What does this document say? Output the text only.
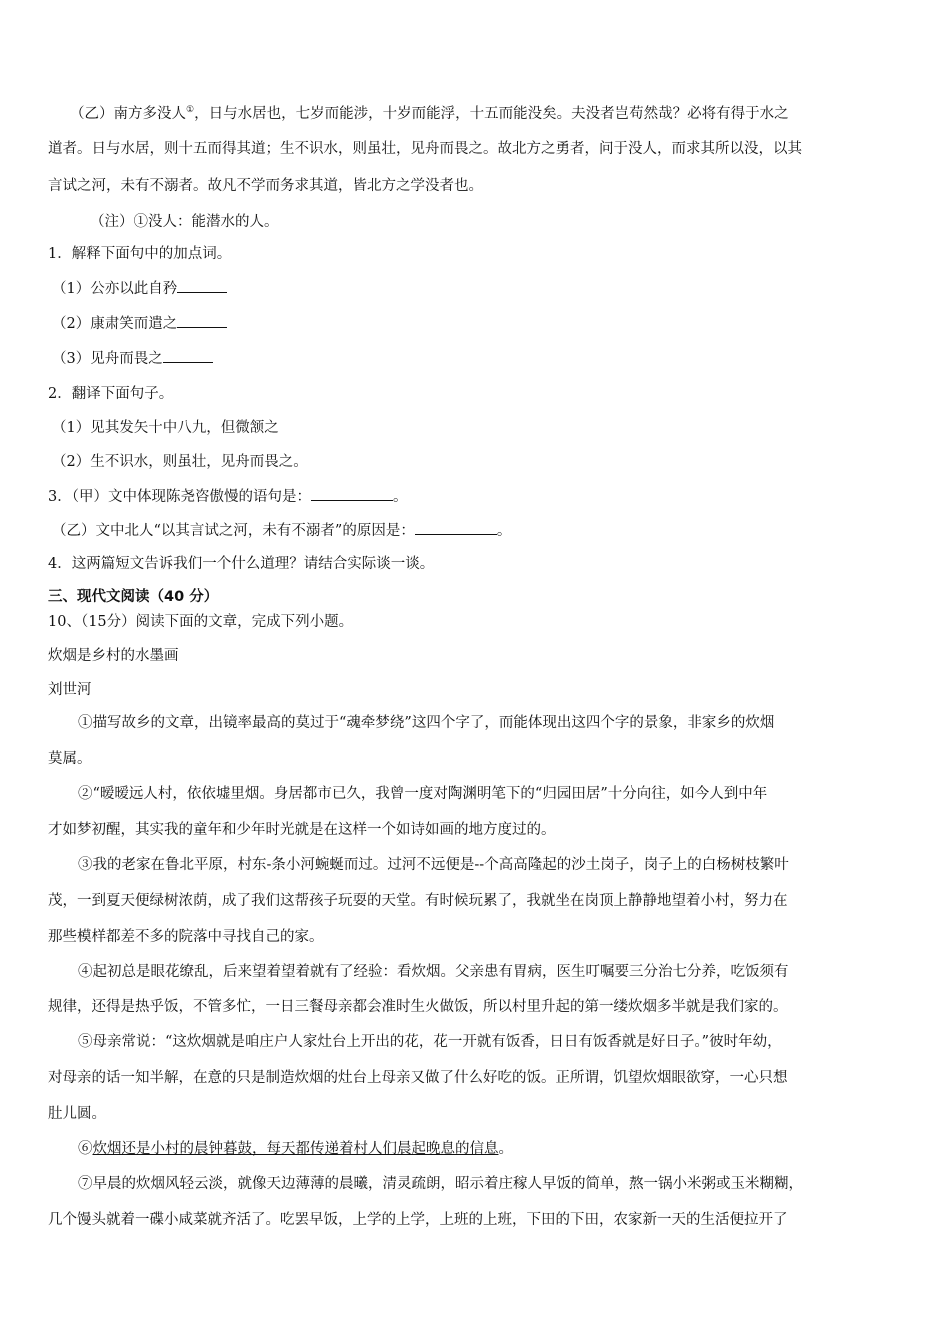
（乙）南方多没人①，日与水居也，七岁而能涉，十岁而能浮，十五而能没矣。夫没者岂苟然哉？必将有得于水之
道者。日与水居，则十五而得其道；生不识水，则虽壮，见舟而畏之。故北方之勇者，问于没人，而求其所以没，以其
言试之河，未有不溺者。故凡不学而务求其道，皆北方之学没者也。
（注）①没人：能潜水的人。
1．解释下面句中的加点词。
（1）公亦以此自矜
（2）康肃笑而遣之
（3）见舟而畏之
2．翻译下面句子。
（1）见其发矢十中八九，但微颔之
（2）生不识水，则虽壮，见舟而畏之。
3．（甲）文中体现陈尧咨傲慢的语句是：	。
（乙）文中北人“以其言试之河，未有不溺者”的原因是：	。
4．这两篇短文告诉我们一个什么道理？请结合实际谈一谈。
三、现代文阅读（40 分）
10、（15分）阅读下面的文章，完成下列小题。
炊烟是乡村的水墨画
刘世河
①描写故乡的文章，出镜率最高的莫过于“魂牵梦绕”这四个字了，而能体现出这四个字的景象，非家乡的炊烟
莫属。
②“暧暧远人村，依依墟里烟。身居都市已久，我曾一度对陶渊明笔下的“归园田居”十分向往，如今人到中年
才如梦初醒，其实我的童年和少年时光就是在这样一个如诗如画的地方度过的。
③我的老家在鲁北平原，村东-条小河蜿蜒而过。过河不远便是--个高高隆起的沙土岗子，岗子上的白杨树枝繁叶
茂，一到夏天便绿树浓荫，成了我们这帮孩子玩耍的天堂。有时候玩累了，我就坐在岗顶上静静地望着小村，努力在
那些模样都差不多的院落中寻找自己的家。
④起初总是眼花缭乱，后来望着望着就有了经验：看炊烟。父亲患有胃病，医生叮嘱要三分治七分养，吃饭须有
规律，还得是热乎饭，不管多忙，一日三餐母亲都会准时生火做饭，所以村里升起的第一缕炊烟多半就是我们家的。
⑤母亲常说：“这炊烟就是咱庄户人家灶台上开出的花，花一开就有饭香，日日有饭香就是好日子。”彼时年幼，
对母亲的话一知半解，在意的只是制造炊烟的灶台上母亲又做了什么好吃的饭。正所谓，饥望炊烟眼欲穿，一心只想
肚儿圆。
⑥炊烟还是小村的晨钟暮鼓，每天都传递着村人们晨起晚息的信息。
⑦早晨的炊烟风轻云淡，就像天边薄薄的晨曦，清灵疏朗，昭示着庄稼人早饭的简单，熬一锅小米粥或玉米糊糊，
几个馒头就着一碟小咸菜就齐活了。吃罢早饭，上学的上学，上班的上班，下田的下田，农家新一天的生活便拉开了
